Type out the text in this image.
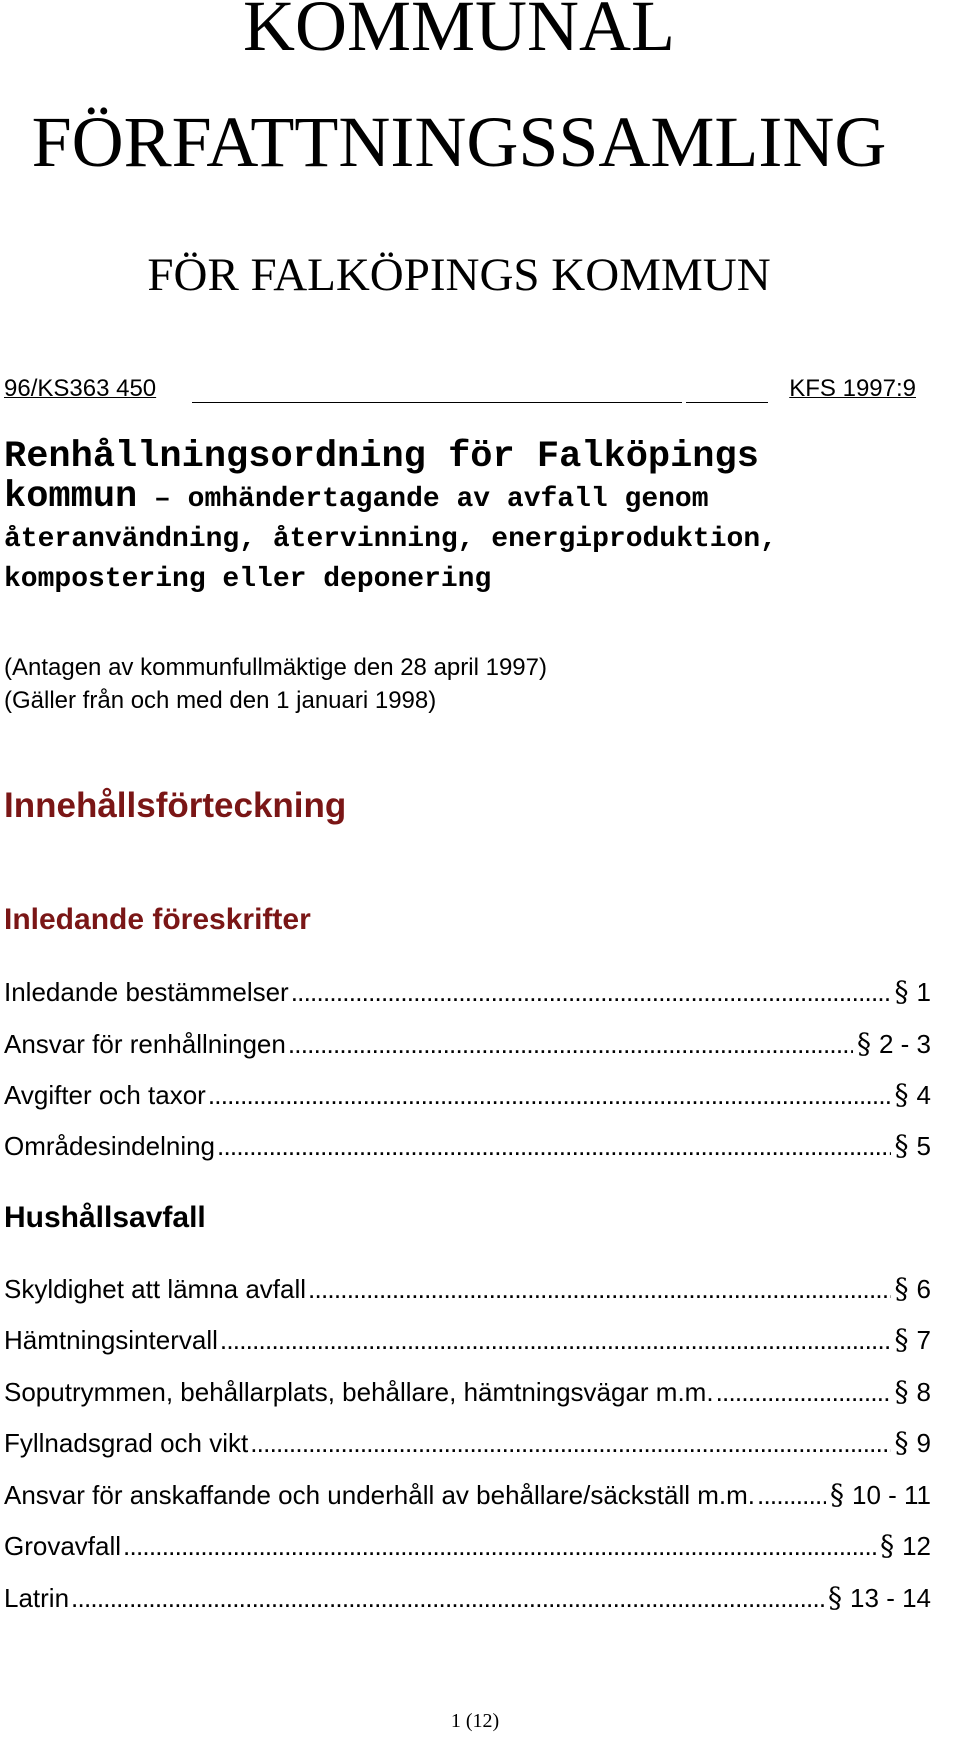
KOMMUNAL
FÖRFATTNINGSSAMLING
FÖR FALKÖPINGS KOMMUN
96/KS363 450	KFS 1997:9
Renhållningsordning för Falköpings
kommun – omhändertagande av avfall genom
återanvändning, återvinning, energiproduktion,
kompostering eller deponering
(Antagen av kommunfullmäktige den 28 april 1997)
(Gäller från och med den 1 januari 1998)
Innehållsförteckning
Inledande föreskrifter
Inledande bestämmelser . . .	§ 1
Ansvar för renhållningen . . .	§ 2 - 3
Avgifter och taxor . . .	§ 4
Områdesindelning . . .	§ 5
Hushållsavfall
Skyldighet att lämna avfall . . .	§ 6
Hämtningsintervall . . .	§ 7
Soputrymmen, behållarplats, behållare, hämtningsvägar m.m. . . .	§ 8
Fyllnadsgrad och vikt . . .	§ 9
Ansvar för anskaffande och underhåll av behållare/säckställ m.m. . . .	§ 10 - 11
Grovavfall . . .	§ 12
Latrin . . .	§ 13 - 14
1 (12)
